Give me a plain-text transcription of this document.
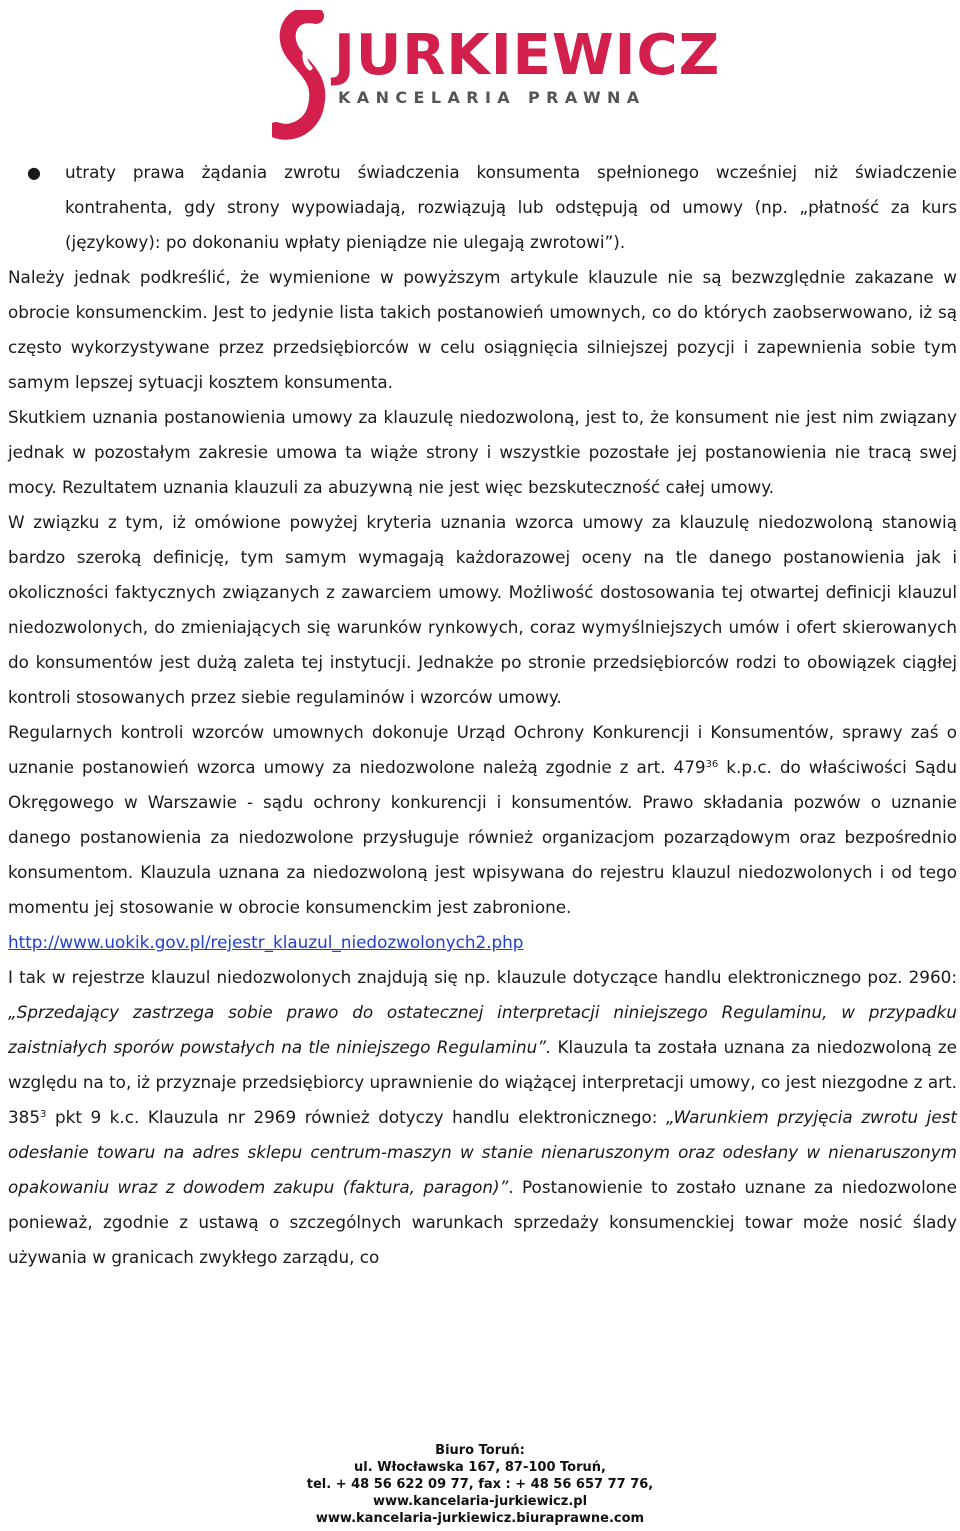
JURKIEWICZ
KANCELARIA PRAWNA
● utraty prawa żądania zwrotu świadczenia konsumenta spełnionego wcześniej niż świadczenie kontrahenta, gdy strony wypowiadają, rozwiązują lub odstępują od umowy (np. „płatność za kurs (językowy): po dokonaniu wpłaty pieniądze nie ulegają zwrotowi”).

Należy jednak podkreślić, że wymienione w powyższym artykule klauzule nie są bezwzględnie zakazane w obrocie konsumenckim. Jest to jedynie lista takich postanowień umownych, co do których zaobserwowano, iż są często wykorzystywane przez przedsiębiorców w celu osiągnięcia silniejszej pozycji i zapewnienia sobie tym samym lepszej sytuacji kosztem konsumenta.

Skutkiem uznania postanowienia umowy za klauzulę niedozwoloną, jest to, że konsument nie jest nim związany jednak w pozostałym zakresie umowa ta wiąże strony i wszystkie pozostałe jej postanowienia nie tracą swej mocy. Rezultatem uznania klauzuli za abuzywną nie jest więc bezskuteczność całej umowy.

W związku z tym, iż omówione powyżej kryteria uznania wzorca umowy za klauzulę niedozwoloną stanowią bardzo szeroką definicję, tym samym wymagają każdorazowej oceny na tle danego postanowienia jak i okoliczności faktycznych związanych z zawarciem umowy. Możliwość dostosowania tej otwartej definicji klauzul niedozwolonych, do zmieniających się warunków rynkowych, coraz wymyślniejszych umów i ofert skierowanych do konsumentów jest dużą zaleta tej instytucji. Jednakże po stronie przedsiębiorców rodzi to obowiązek ciągłej kontroli stosowanych przez siebie regulaminów i wzorców umowy.

Regularnych kontroli wzorców umownych dokonuje Urząd Ochrony Konkurencji i Konsumentów, sprawy zaś o uznanie postanowień wzorca umowy za niedozwolone należą zgodnie z art. $479^{36}$ k.p.c. do właściwości Sądu Okręgowego w Warszawie - sądu ochrony konkurencji i konsumentów. Prawo składania pozwów o uznanie danego postanowienia za niedozwolone przysługuje również organizacjom pozarządowym oraz bezpośrednio konsumentom. Klauzula uznana za niedozwoloną jest wpisywana do rejestru klauzul niedozwolonych i od tego momentu jej stosowanie w obrocie konsumenckim jest zabronione.

http://www.uokik.gov.pl/rejestr_klauzul_niedozwolonych2.php

I tak w rejestrze klauzul niedozwolonych znajdują się np. klauzule dotyczące handlu elektronicznego poz. 2960: „Sprzedający zastrzega sobie prawo do ostatecznej interpretacji niniejszego Regulaminu, w przypadku zaistniałych sporów powstałych na tle niniejszego Regulaminu”. Klauzula ta została uznana za niedozwoloną ze względu na to, iż przyznaje przedsiębiorcy uprawnienie do wiążącej interpretacji umowy, co jest niezgodne z art. $385^3$ pkt 9 k.c. Klauzula nr 2969 również dotyczy handlu elektronicznego: „Warunkiem przyjęcia zwrotu jest odesłanie towaru na adres sklepu centrum-maszyn w stanie nienaruszonym oraz odesłany w nienaruszonym opakowaniu wraz z dowodem zakupu (faktura, paragon)”. Postanowienie to zostało uznane za niedozwolone ponieważ, zgodnie z ustawą o szczególnych warunkach sprzedaży konsumenckiej towar może nosić ślady używania w granicach zwykłego zarządu, co

Biuro Toruń:
ul. Włocławska 167, 87-100 Toruń,
tel. + 48 56 622 09 77, fax : + 48 56 657 77 76,
www.kancelaria-jurkiewicz.pl
www.kancelaria-jurkiewicz.biuraprawne.com
